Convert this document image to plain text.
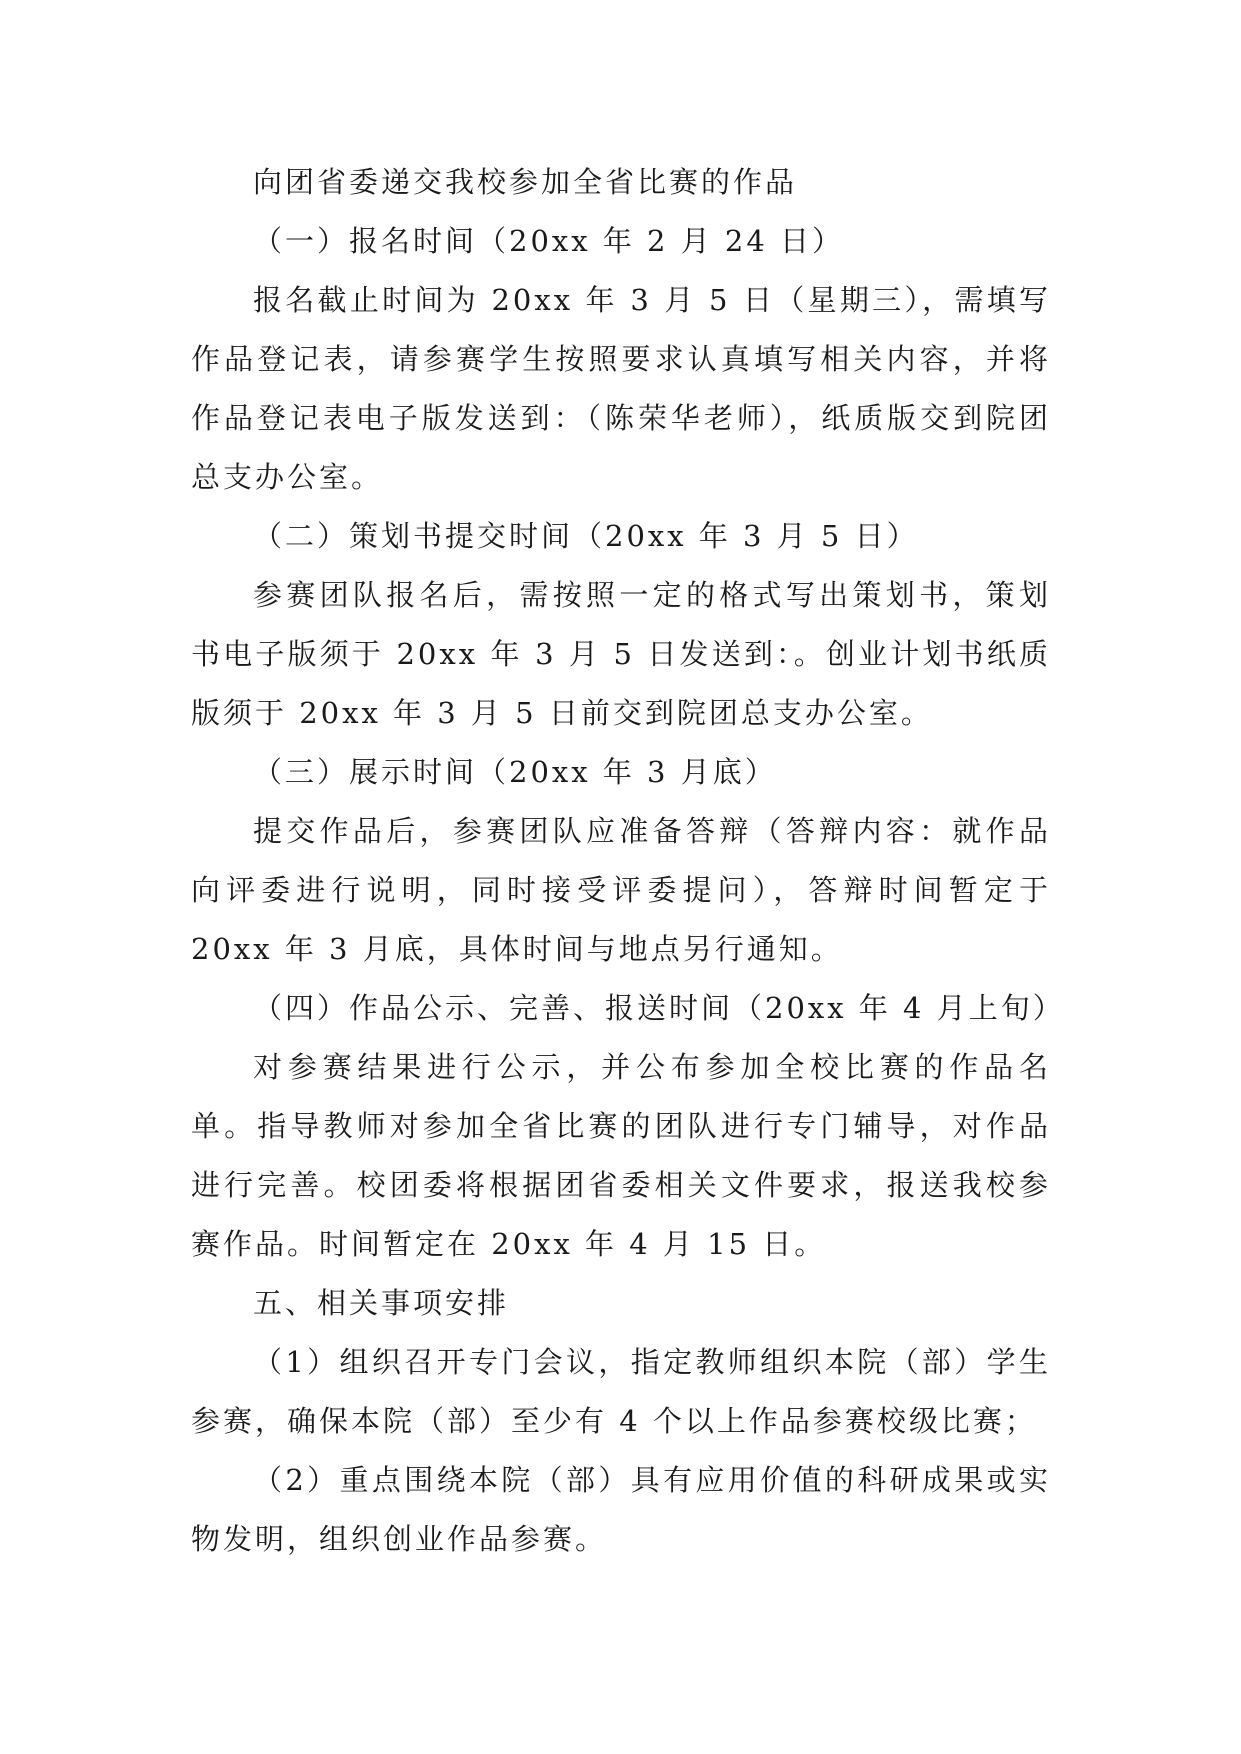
向团省委递交我校参加全省比赛的作品

（一）报名时间（20xx 年 2 月 24 日）

报名截止时间为 20xx 年 3 月 5 日（星期三），需填写作品登记表，请参赛学生按照要求认真填写相关内容，并将作品登记表电子版发送到：（陈荣华老师），纸质版交到院团总支办公室。

（二）策划书提交时间（20xx 年 3 月 5 日）

参赛团队报名后，需按照一定的格式写出策划书，策划书电子版须于 20xx 年 3 月 5 日发送到：。创业计划书纸质版须于 20xx 年 3 月 5 日前交到院团总支办公室。

（三）展示时间（20xx 年 3 月底）

提交作品后，参赛团队应准备答辩（答辩内容：就作品向评委进行说明，同时接受评委提问），答辩时间暂定于 20xx 年 3 月底，具体时间与地点另行通知。

（四）作品公示、完善、报送时间（20xx 年 4 月上旬）

对参赛结果进行公示，并公布参加全校比赛的作品名单。指导教师对参加全省比赛的团队进行专门辅导，对作品进行完善。校团委将根据团省委相关文件要求，报送我校参赛作品。时间暂定在 20xx 年 4 月 15 日。

五、相关事项安排

（1）组织召开专门会议，指定教师组织本院（部）学生参赛，确保本院（部）至少有 4 个以上作品参赛校级比赛；

（2）重点围绕本院（部）具有应用价值的科研成果或实物发明，组织创业作品参赛。
